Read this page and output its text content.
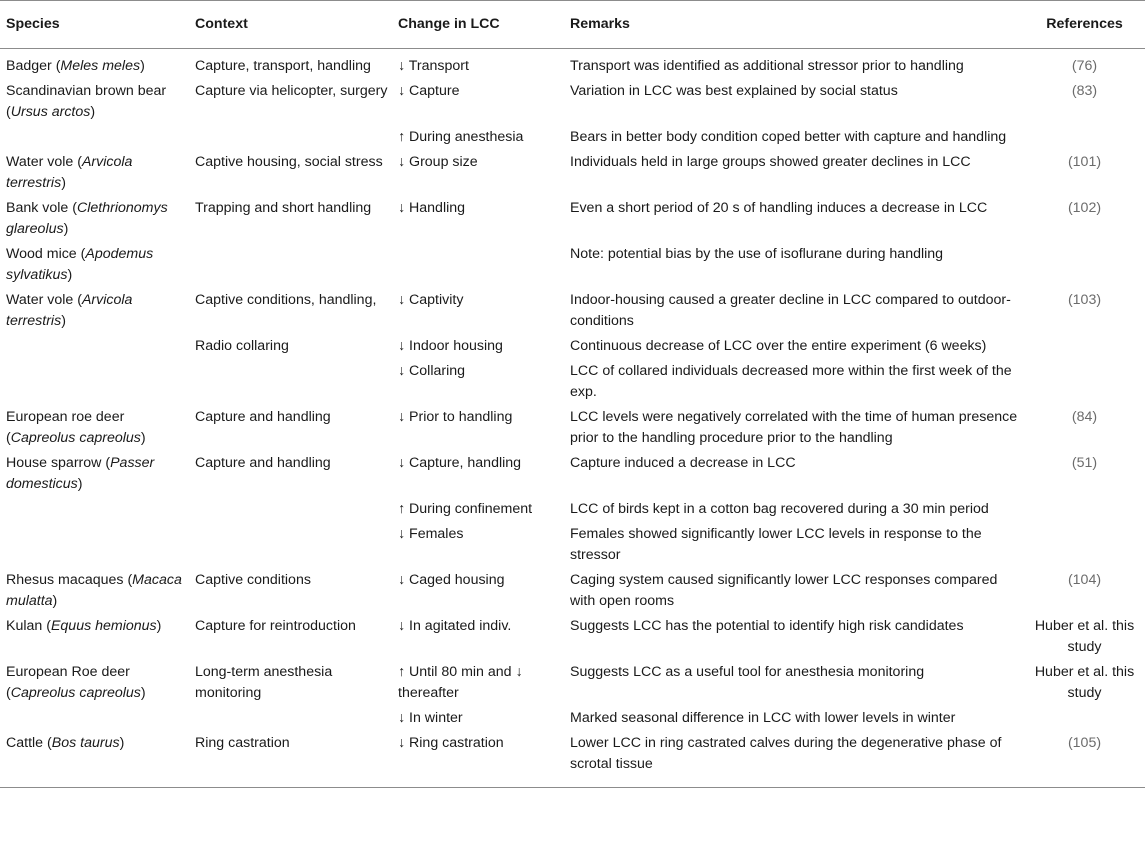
Species	Context	Change in LCC	Remarks	References
Badger (Meles meles)	Capture, transport, handling	↓ Transport	Transport was identified as additional stressor prior to handling	(76)
Scandinavian brown bear (Ursus arctos)	Capture via helicopter, surgery	↓ Capture	Variation in LCC was best explained by social status	(83)
		↑ During anesthesia	Bears in better body condition coped better with capture and handling	
Water vole (Arvicola terrestris)	Captive housing, social stress	↓ Group size	Individuals held in large groups showed greater declines in LCC	(101)
Bank vole (Clethrionomys glareolus)	Trapping and short handling	↓ Handling	Even a short period of 20 s of handling induces a decrease in LCC	(102)
Wood mice (Apodemus sylvatikus)			Note: potential bias by the use of isoflurane during handling	
Water vole (Arvicola terrestris)	Captive conditions, handling,	↓ Captivity	Indoor-housing caused a greater decline in LCC compared to outdoor- conditions	(103)
	Radio collaring	↓ Indoor housing	Continuous decrease of LCC over the entire experiment (6 weeks)	
		↓ Collaring	LCC of collared individuals decreased more within the first week of the exp.	
European roe deer (Capreolus capreolus)	Capture and handling	↓ Prior to handling	LCC levels were negatively correlated with the time of human presence prior to the handling procedure prior to the handling	(84)
House sparrow (Passer domesticus)	Capture and handling	↓ Capture, handling	Capture induced a decrease in LCC	(51)
		↑ During confinement	LCC of birds kept in a cotton bag recovered during a 30 min period	
		↓ Females	Females showed significantly lower LCC levels in response to the stressor	
Rhesus macaques (Macaca mulatta)	Captive conditions	↓ Caged housing	Caging system caused significantly lower LCC responses compared with open rooms	(104)
Kulan (Equus hemionus)	Capture for reintroduction	↓ In agitated indiv.	Suggests LCC has the potential to identify high risk candidates	Huber et al. this study
European Roe deer (Capreolus capreolus)	Long-term anesthesia monitoring	↑ Until 80 min and ↓ thereafter	Suggests LCC as a useful tool for anesthesia monitoring	Huber et al. this study
		↓ In winter	Marked seasonal difference in LCC with lower levels in winter	
Cattle (Bos taurus)	Ring castration	↓ Ring castration	Lower LCC in ring castrated calves during the degenerative phase of scrotal tissue	(105)
